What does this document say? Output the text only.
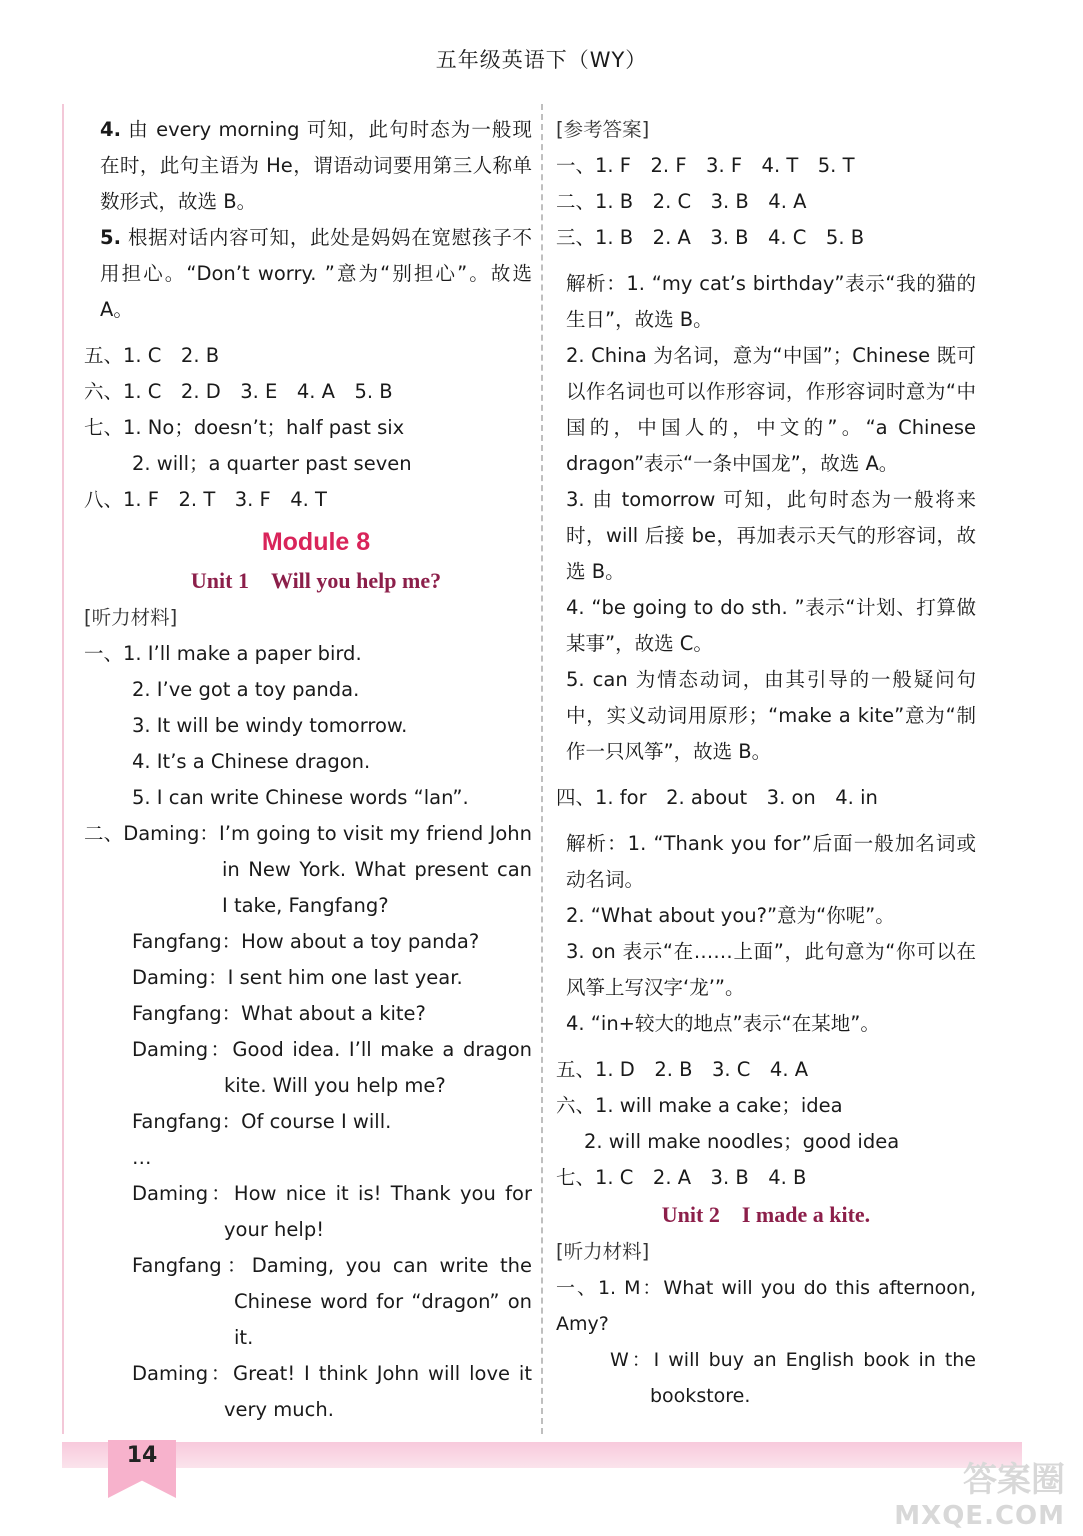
五年级英语下（WY）

4. 由 every morning 可知，此句时态为一般现在时，此句主语为 He，谓语动词要用第三人称单数形式，故选 B。

5. 根据对话内容可知，此处是妈妈在宽慰孩子不用担心。“Don’t worry. ”意为“别担心”。故选 A。

五、1. C　2. B

六、1. C　2. D　3. E　4. A　5. B

七、1. No；doesn’t；half past six

2. will；a quarter past seven

八、1. F　2. T　3. F　4. T

Module 8
Unit 1　Will you help me?

[听力材料]

一、1. I’ll make a paper bird.

2. I’ve got a toy panda.

3. It will be windy tomorrow.

4. It’s a Chinese dragon.

5. I can write Chinese words “lan”.

二、Daming：I’m going to visit my friend John in New York. What present can I take, Fangfang?

Fangfang：How about a toy panda?

Daming：I sent him one last year.

Fangfang：What about a kite?

Daming：Good idea. I’ll make a dragon kite. Will you help me?

Fangfang：Of course I will.

…

Daming：How nice it is! Thank you for your help!

Fangfang：Daming, you can write the Chinese word for “dragon” on it.

Daming：Great! I think John will love it very much.

[参考答案]

一、1. F　2. F　3. F　4. T　5. T

二、1. B　2. C　3. B　4. A

三、1. B　2. A　3. B　4. C　5. B

解析：1. “my cat’s birthday”表示“我的猫的生日”，故选 B。

2. China 为名词，意为“中国”；Chinese 既可以作名词也可以作形容词，作形容词时意为“中国的，中国人的，中文的”。“a Chinese dragon”表示“一条中国龙”，故选 A。

3. 由 tomorrow 可知，此句时态为一般将来时，will 后接 be，再加表示天气的形容词，故选 B。

4. “be going to do sth. ”表示“计划、打算做某事”，故选 C。

5. can 为情态动词，由其引导的一般疑问句中，实义动词用原形；“make a kite”意为“制作一只风筝”，故选 B。

四、1. for　2. about　3. on　4. in

解析：1. “Thank you for”后面一般加名词或动名词。

2. “What about you?”意为“你呢”。

3. on 表示“在……上面”，此句意为“你可以在风筝上写汉字‘龙’”。

4. “in+较大的地点”表示“在某地”。

五、1. D　2. B　3. C　4. A

六、1. will make a cake；idea

2. will make noodles；good idea

七、1. C　2. A　3. B　4. B

Unit 2　I made a kite.

[听力材料]

一、1. M：What will you do this afternoon, Amy?

W：I will buy an English book in the bookstore.

14
答案圈
MXQE.COM
